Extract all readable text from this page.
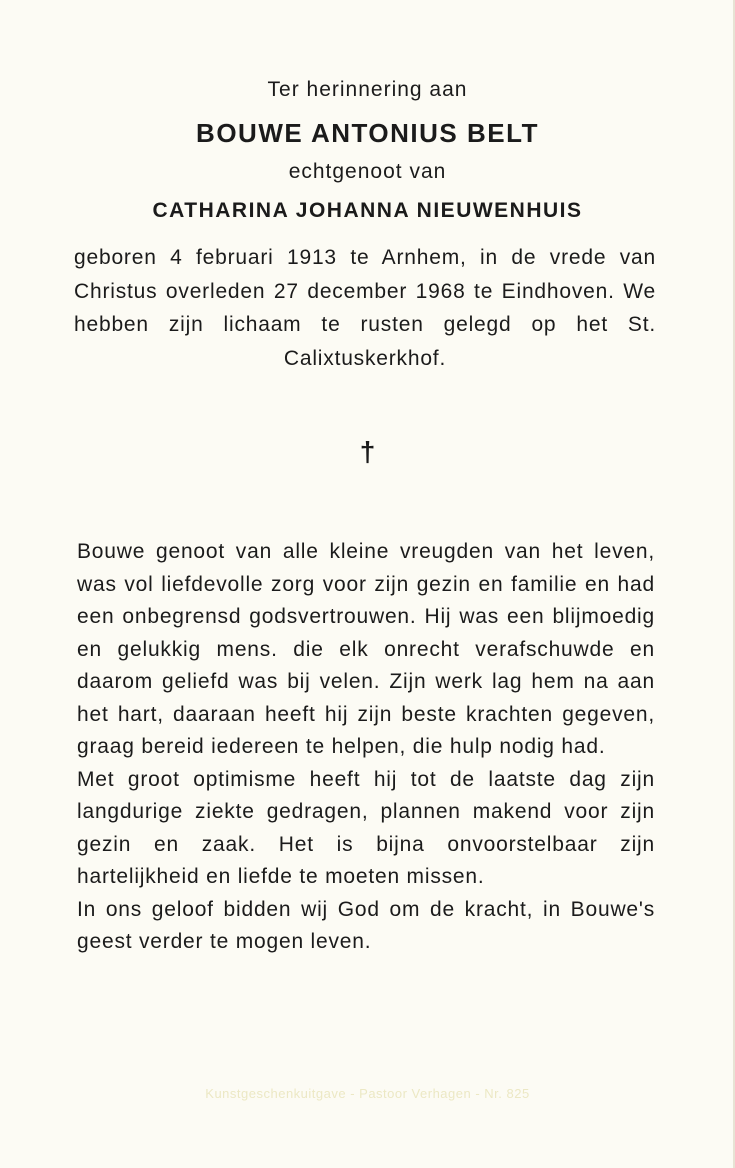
Ter herinnering aan
BOUWE ANTONIUS BELT
echtgenoot van
CATHARINA JOHANNA NIEUWENHUIS
geboren 4 februari 1913 te Arnhem, in de vrede van Christus overleden 27 december 1968 te Eindhoven. We hebben zijn lichaam te rusten gelegd op het St. Calixtuskerkhof.
†

Bouwe genoot van alle kleine vreugden van het leven, was vol liefdevolle zorg voor zijn gezin en familie en had een onbegrensd godsvertrouwen. Hij was een blijmoedig en gelukkig mens. die elk onrecht verafschuwde en daarom geliefd was bij velen. Zijn werk lag hem na aan het hart, daaraan heeft hij zijn beste krachten gegeven, graag bereid iedereen te helpen, die hulp nodig had.

Met groot optimisme heeft hij tot de laatste dag zijn langdurige ziekte gedragen, plannen makend voor zijn gezin en zaak. Het is bijna onvoorstelbaar zijn hartelijkheid en liefde te moeten missen.

In ons geloof bidden wij God om de kracht, in Bouwe's geest verder te mogen leven.

Kunstgeschenkuitgave - Pastoor Verhagen - Nr. 825
